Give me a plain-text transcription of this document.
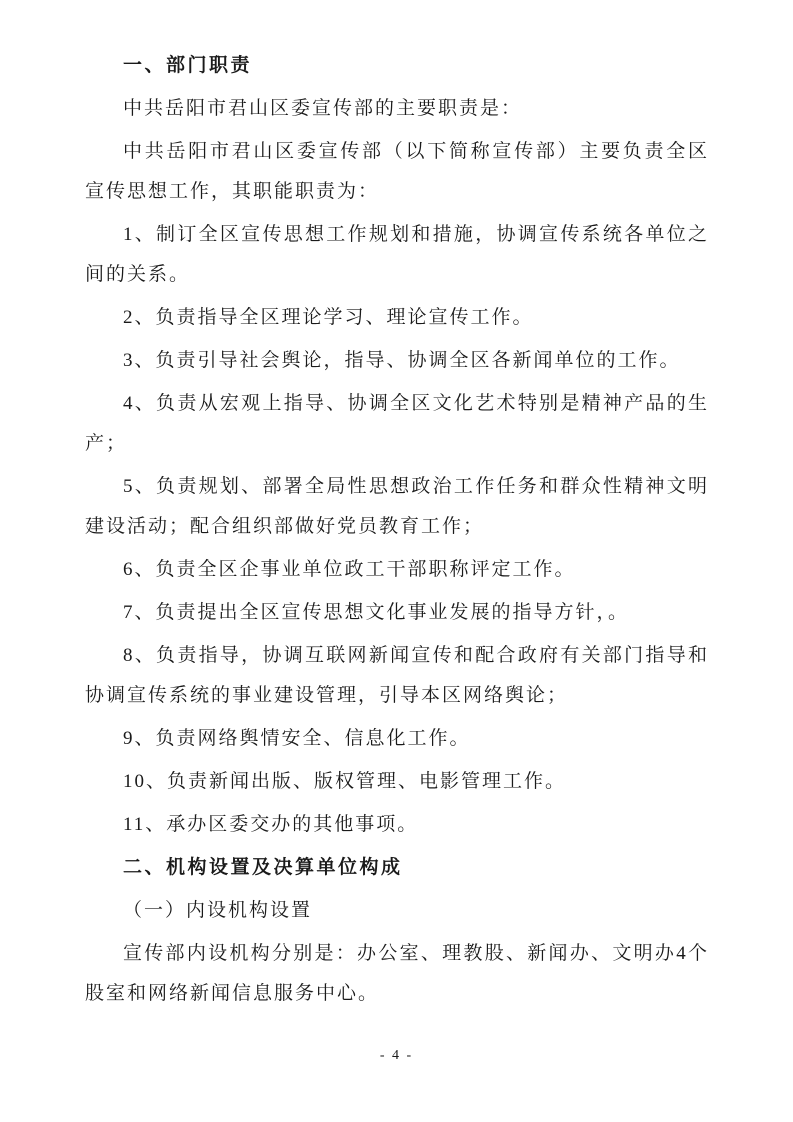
一、部门职责

中共岳阳市君山区委宣传部的主要职责是：

中共岳阳市君山区委宣传部（以下简称宣传部）主要负责全区宣传思想工作，其职能职责为：

1、制订全区宣传思想工作规划和措施，协调宣传系统各单位之间的关系。

2、负责指导全区理论学习、理论宣传工作。

3、负责引导社会舆论，指导、协调全区各新闻单位的工作。

4、负责从宏观上指导、协调全区文化艺术特别是精神产品的生产；

5、负责规划、部署全局性思想政治工作任务和群众性精神文明建设活动；配合组织部做好党员教育工作；

6、负责全区企事业单位政工干部职称评定工作。

7、负责提出全区宣传思想文化事业发展的指导方针，。

8、负责指导，协调互联网新闻宣传和配合政府有关部门指导和协调宣传系统的事业建设管理，引导本区网络舆论；

9、负责网络舆情安全、信息化工作。

10、负责新闻出版、版权管理、电影管理工作。

11、承办区委交办的其他事项。

二、机构设置及决算单位构成

（一）内设机构设置

宣传部内设机构分别是：办公室、理教股、新闻办、文明办4个股室和网络新闻信息服务中心。

- 4 -
